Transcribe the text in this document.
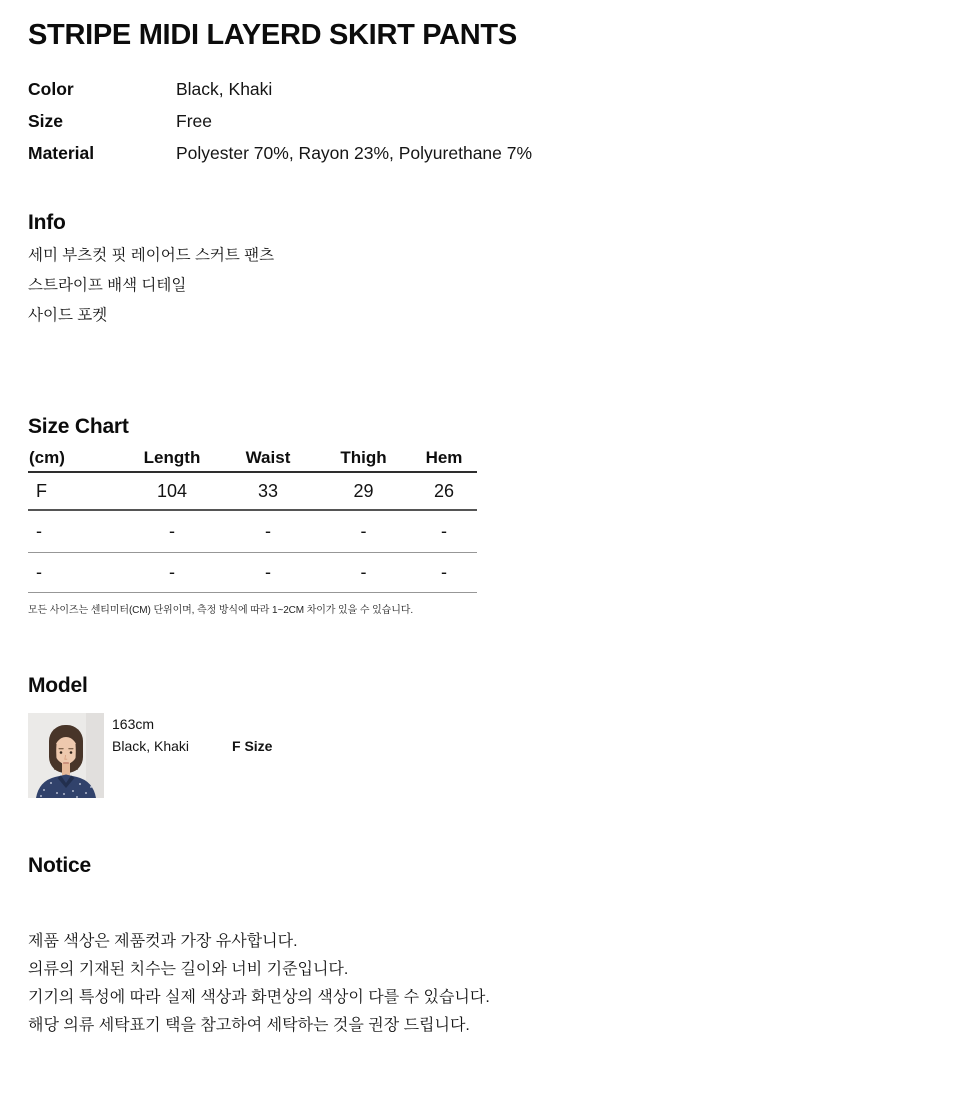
STRIPE MIDI LAYERD SKIRT PANTS
Color	Black, Khaki
Size	Free
Material	Polyester 70%, Rayon 23%, Polyurethane 7%
Info

세미 부츠컷 핏 레이어드 스커트 팬츠

스트라이프 배색 디테일

사이드 포켓

Size Chart
(cm)	Length	Waist	Thigh	Hem
F	104	33	29	26
-	-	-	-	-
-	-	-	-	-

모든 사이즈는 센티미터(CM) 단위이며, 측정 방식에 따라 1~2CM 차이가 있을 수 있습니다.

Model
163cm
Black, Khaki	F Size
Notice

제품 색상은 제품컷과 가장 유사합니다.

의류의 기재된 치수는 길이와 너비 기준입니다.

기기의 특성에 따라 실제 색상과 화면상의 색상이 다를 수 있습니다.

해당 의류 세탁표기 택을 참고하여 세탁하는 것을 권장 드립니다.
